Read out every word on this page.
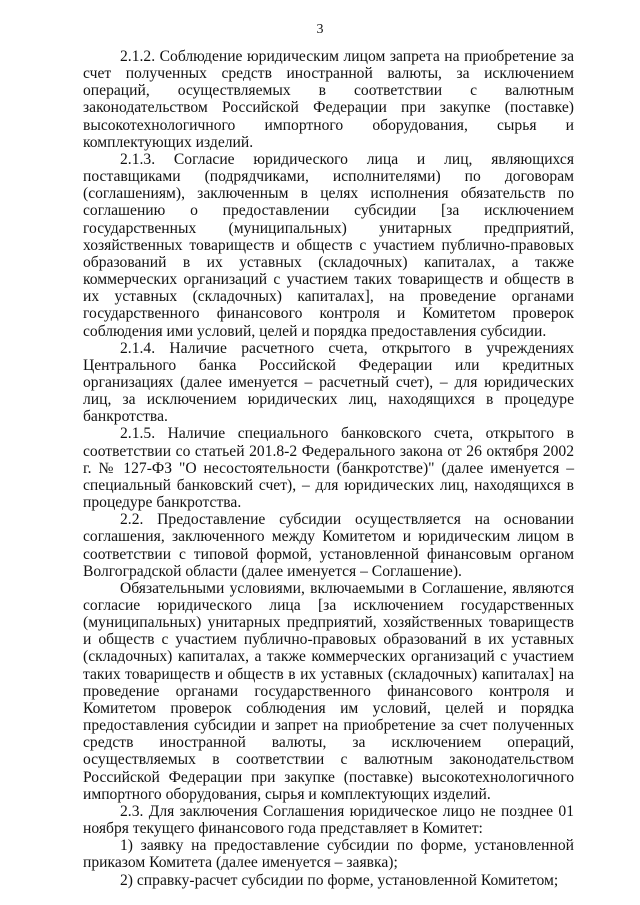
3

2.1.2. Соблюдение юридическим лицом запрета на приобретение за счет полученных средств иностранной валюты, за исключением операций, осуществляемых в соответствии с валютным законодательством Российской Федерации при закупке (поставке) высокотехнологичного импортного оборудования, сырья и комплектующих изделий.

2.1.3. Согласие юридического лица и лиц, являющихся поставщиками (подрядчиками, исполнителями) по договорам (соглашениям), заключенным в целях исполнения обязательств по соглашению о предоставлении субсидии [за исключением государственных (муниципальных) унитарных предприятий, хозяйственных товариществ и обществ с участием публично-правовых образований в их уставных (складочных) капиталах, а также коммерческих организаций с участием таких товариществ и обществ в их уставных (складочных) капиталах], на проведение органами государственного финансового контроля и Комитетом проверок соблюдения ими условий, целей и порядка предоставления субсидии.

2.1.4. Наличие расчетного счета, открытого в учреждениях Центрального банка Российской Федерации или кредитных организациях (далее именуется – расчетный счет), – для юридических лиц, за исключением юридических лиц, находящихся в процедуре банкротства.

2.1.5. Наличие специального банковского счета, открытого в соответствии со статьей 201.8-2 Федерального закона от 26 октября 2002 г. № 127-ФЗ "О несостоятельности (банкротстве)" (далее именуется – специальный банковский счет), – для юридических лиц, находящихся в процедуре банкротства.

2.2. Предоставление субсидии осуществляется на основании соглашения, заключенного между Комитетом и юридическим лицом в соответствии с типовой формой, установленной финансовым органом Волгоградской области (далее именуется – Соглашение).

Обязательными условиями, включаемыми в Соглашение, являются согласие юридического лица [за исключением государственных (муниципальных) унитарных предприятий, хозяйственных товариществ и обществ с участием публично-правовых образований в их уставных (складочных) капиталах, а также коммерческих организаций с участием таких товариществ и обществ в их уставных (складочных) капиталах] на проведение органами государственного финансового контроля и Комитетом проверок соблюдения им условий, целей и порядка предоставления субсидии и запрет на приобретение за счет полученных средств иностранной валюты, за исключением операций, осуществляемых в соответствии с валютным законодательством Российской Федерации при закупке (поставке) высокотехнологичного импортного оборудования, сырья и комплектующих изделий.

2.3. Для заключения Соглашения юридическое лицо не позднее 01 ноября текущего финансового года представляет в Комитет:

1) заявку на предоставление субсидии по форме, установленной приказом Комитета (далее именуется – заявка);

2) справку-расчет субсидии по форме, установленной Комитетом;
